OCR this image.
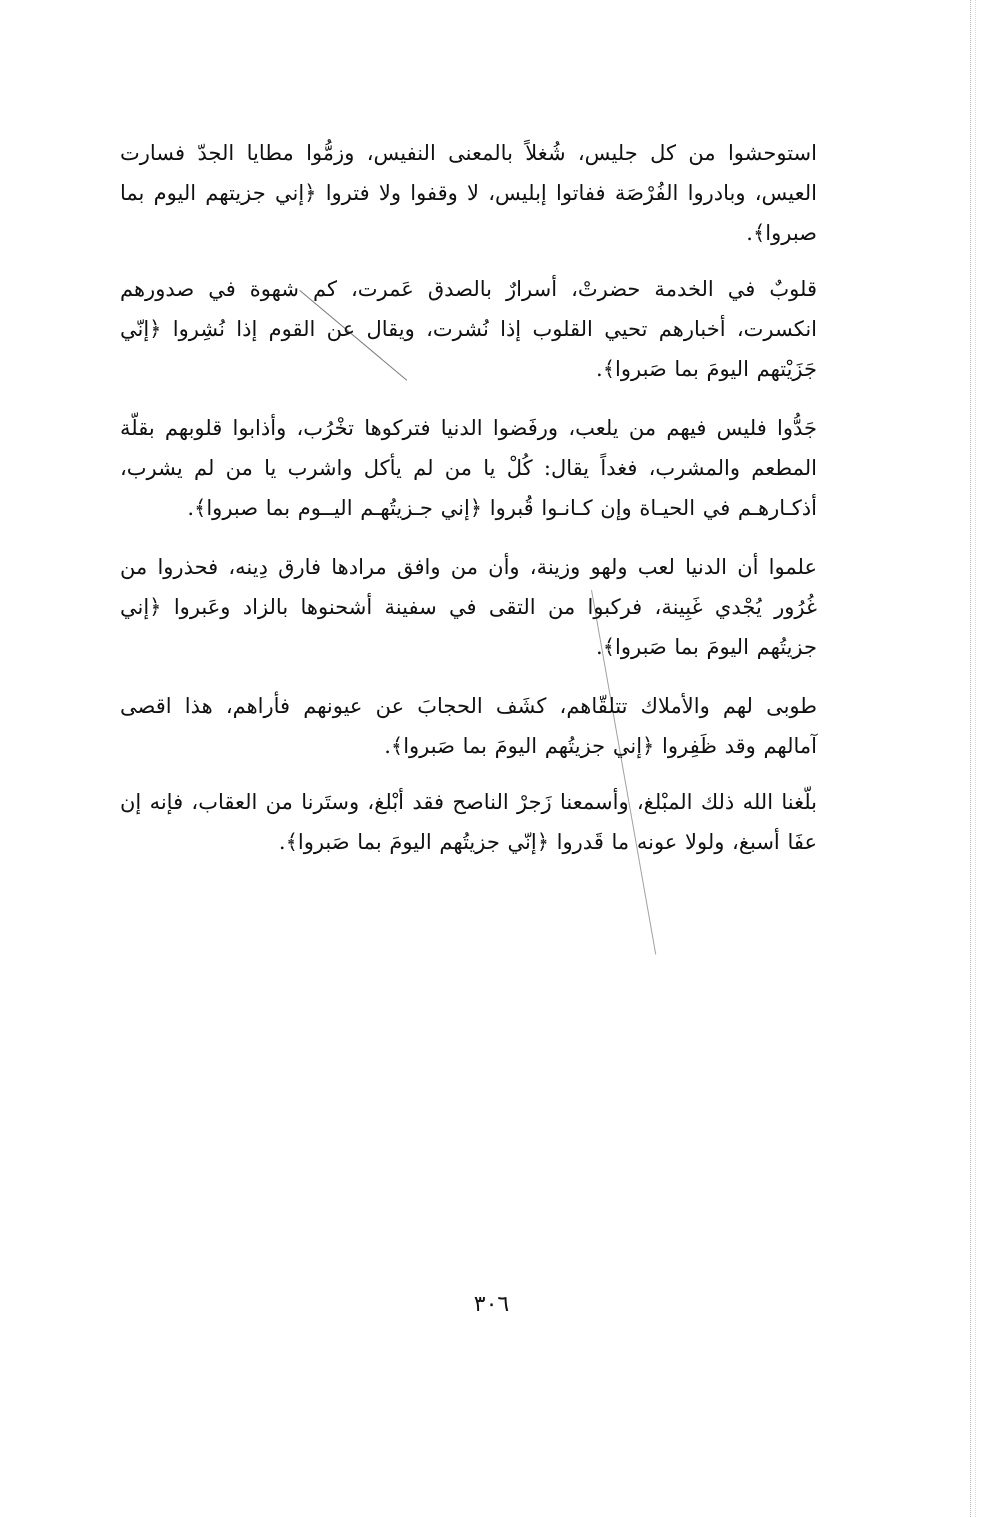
استوحشوا من كل جليس، شُغلاً بالمعنى النفيس، وزمُّوا مطايا الجدّ فسارت العيس، وبادروا الفُرْصَة ففاتوا إبليس، لا وقفوا ولا فتروا ﴿إني جزيتهم اليوم بما صبروا﴾.

قلوبٌ في الخدمة حضرتْ، أسرارٌ بالصدق عَمرت، كم شهوة في صدورهم انكسرت، أخبارهم تحيي القلوب إذا نُشرت، ويقال عن القوم إذا نُشِروا ﴿إنّي جَزَيْتهم اليومَ بما صَبروا﴾.

جَدُّوا فليس فيهم من يلعب، ورفَضوا الدنيا فتركوها تخْرُب، وأذابوا قلوبهم بقلّة المطعم والمشرب، فغداً يقال: كُلْ يا من لم يأكل واشرب يا من لم يشرب، أذكـارهـم في الحيـاة وإن كـانـوا قُبروا ﴿إني جـزيتُهـم اليــوم بما صبروا﴾.

علموا أن الدنيا لعب ولهو وزينة، وأن من وافق مرادها فارق دِينه، فحذروا من غُرُور يُجْدي غَبِينة، فركبوا من التقى في سفينة أشحنوها بالزاد وعَبروا ﴿إني جزيتُهم اليومَ بما صَبروا﴾.

طوبى لهم والأملاك تتلقّاهم، كشَف الحجابَ عن عيونهم فأراهم، هذا اقصى آمالهم وقد ظَفِروا ﴿إني جزيتُهم اليومَ بما صَبروا﴾.

بلّغنا الله ذلك المبْلغ، وأسمعنا زَجرْ الناصح فقد أبْلغ، وستَرنا من العقاب، فإنه إن عفَا أسبغ، ولولا عونه ما قَدروا ﴿إنّي جزيتُهم اليومَ بما صَبروا﴾.

٣٠٦
